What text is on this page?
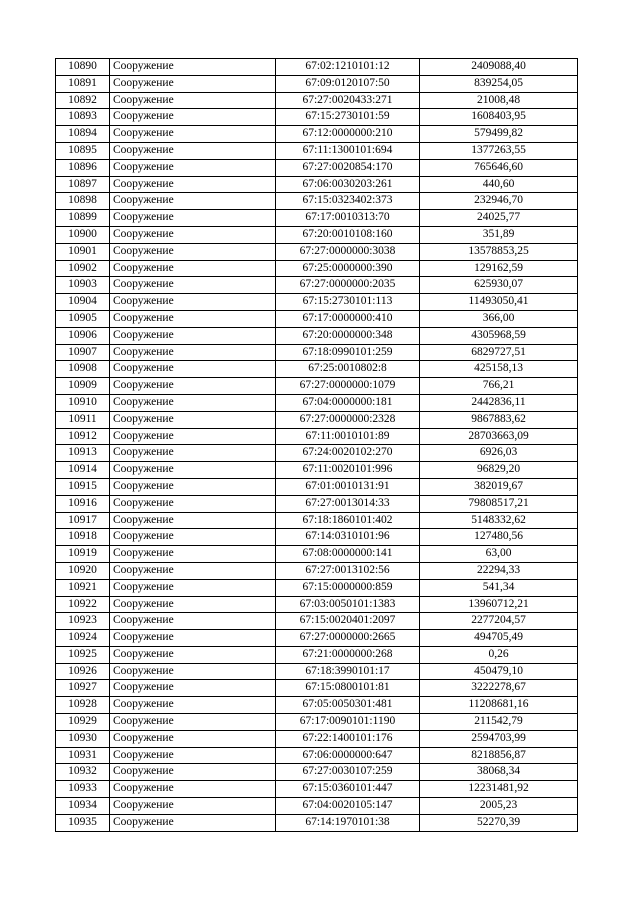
10890	Сооружение	67:02:1210101:12	2409088,40
10891	Сооружение	67:09:0120107:50	839254,05
10892	Сооружение	67:27:0020433:271	21008,48
10893	Сооружение	67:15:2730101:59	1608403,95
10894	Сооружение	67:12:0000000:210	579499,82
10895	Сооружение	67:11:1300101:694	1377263,55
10896	Сооружение	67:27:0020854:170	765646,60
10897	Сооружение	67:06:0030203:261	440,60
10898	Сооружение	67:15:0323402:373	232946,70
10899	Сооружение	67:17:0010313:70	24025,77
10900	Сооружение	67:20:0010108:160	351,89
10901	Сооружение	67:27:0000000:3038	13578853,25
10902	Сооружение	67:25:0000000:390	129162,59
10903	Сооружение	67:27:0000000:2035	625930,07
10904	Сооружение	67:15:2730101:113	11493050,41
10905	Сооружение	67:17:0000000:410	366,00
10906	Сооружение	67:20:0000000:348	4305968,59
10907	Сооружение	67:18:0990101:259	6829727,51
10908	Сооружение	67:25:0010802:8	425158,13
10909	Сооружение	67:27:0000000:1079	766,21
10910	Сооружение	67:04:0000000:181	2442836,11
10911	Сооружение	67:27:0000000:2328	9867883,62
10912	Сооружение	67:11:0010101:89	28703663,09
10913	Сооружение	67:24:0020102:270	6926,03
10914	Сооружение	67:11:0020101:996	96829,20
10915	Сооружение	67:01:0010131:91	382019,67
10916	Сооружение	67:27:0013014:33	79808517,21
10917	Сооружение	67:18:1860101:402	5148332,62
10918	Сооружение	67:14:0310101:96	127480,56
10919	Сооружение	67:08:0000000:141	63,00
10920	Сооружение	67:27:0013102:56	22294,33
10921	Сооружение	67:15:0000000:859	541,34
10922	Сооружение	67:03:0050101:1383	13960712,21
10923	Сооружение	67:15:0020401:2097	2277204,57
10924	Сооружение	67:27:0000000:2665	494705,49
10925	Сооружение	67:21:0000000:268	0,26
10926	Сооружение	67:18:3990101:17	450479,10
10927	Сооружение	67:15:0800101:81	3222278,67
10928	Сооружение	67:05:0050301:481	11208681,16
10929	Сооружение	67:17:0090101:1190	211542,79
10930	Сооружение	67:22:1400101:176	2594703,99
10931	Сооружение	67:06:0000000:647	8218856,87
10932	Сооружение	67:27:0030107:259	38068,34
10933	Сооружение	67:15:0360101:447	12231481,92
10934	Сооружение	67:04:0020105:147	2005,23
10935	Сооружение	67:14:1970101:38	52270,39
